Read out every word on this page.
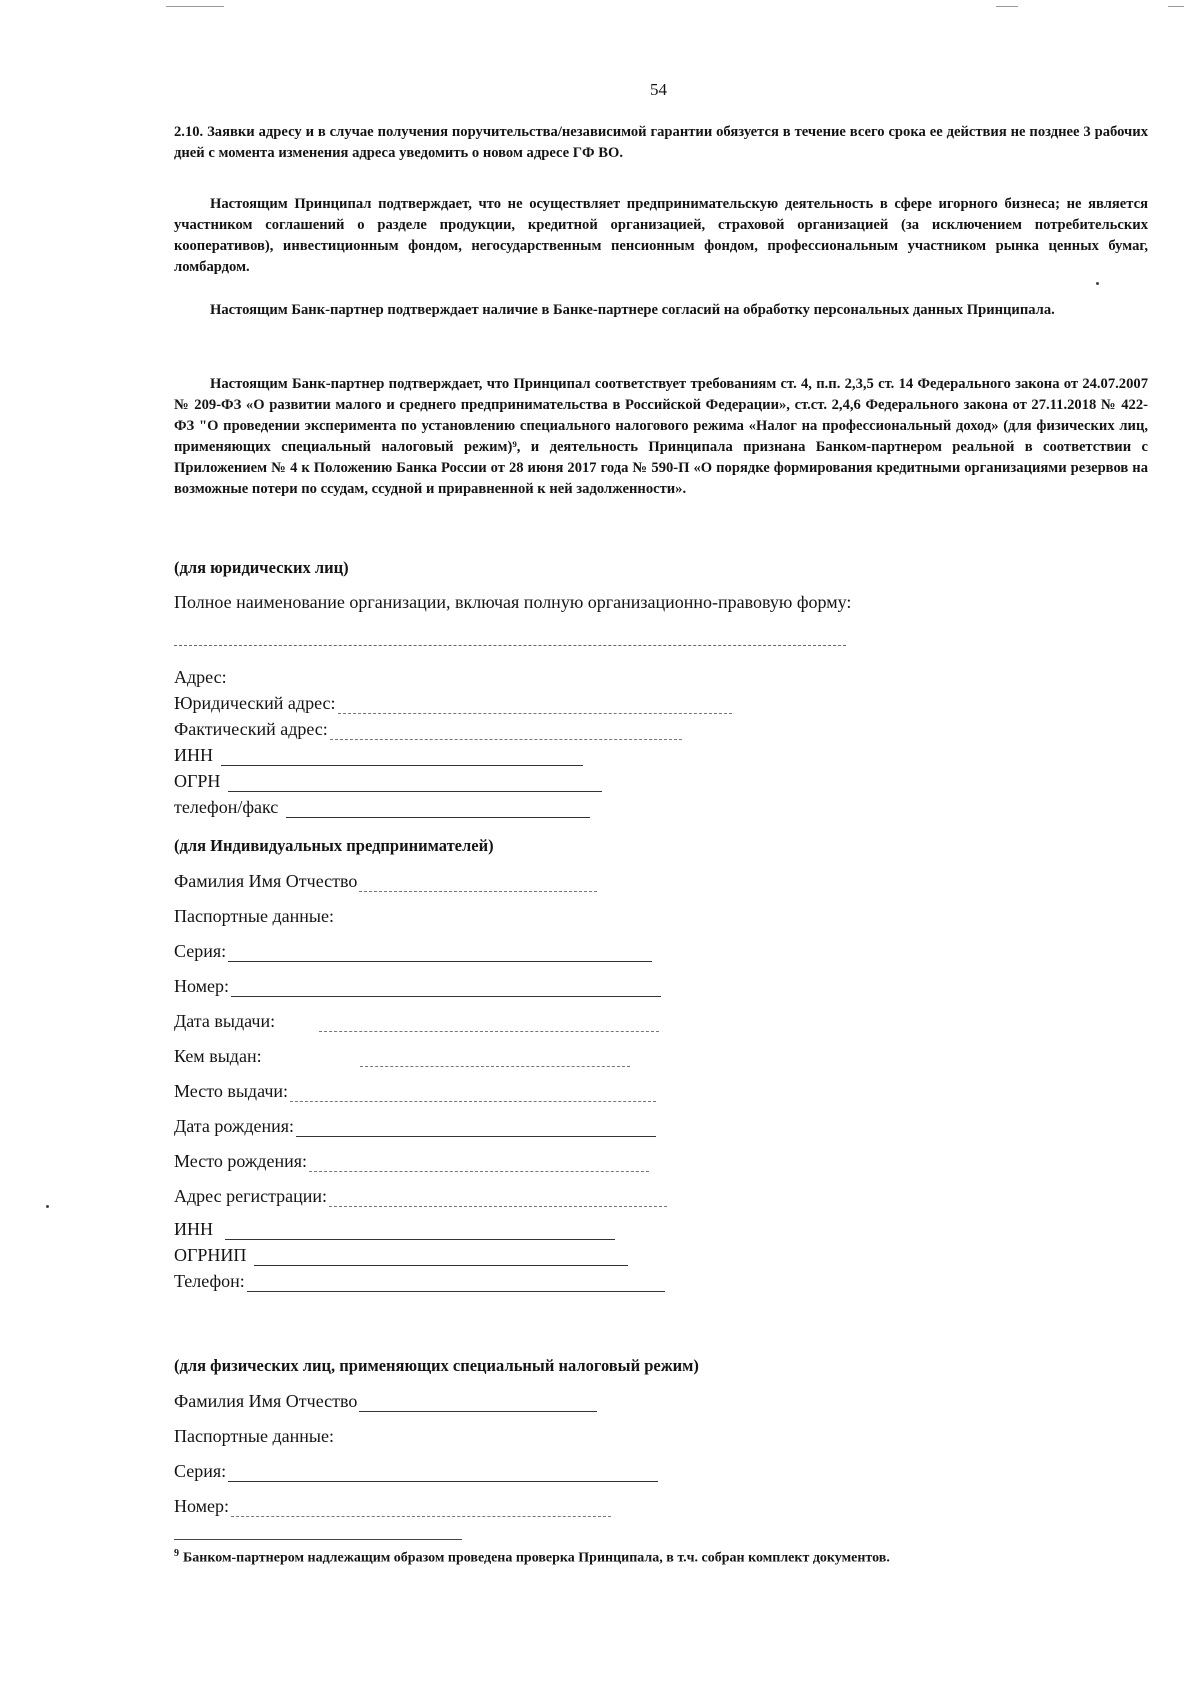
54
2.10. Заявки адресу и в случае получения поручительства/независимой гарантии обязуется в течение всего срока ее действия не позднее 3 рабочих дней с момента изменения адреса уведомить о новом адресе ГФ ВО.
Настоящим Принципал подтверждает, что не осуществляет предпринимательскую деятельность в сфере игорного бизнеса; не является участником соглашений о разделе продукции, кредитной организацией, страховой организацией (за исключением потребительских кооперативов), инвестиционным фондом, негосударственным пенсионным фондом, профессиональным участником рынка ценных бумаг, ломбардом.
Настоящим Банк-партнер подтверждает наличие в Банке-партнере согласий на обработку персональных данных Принципала.
Настоящим Банк-партнер подтверждает, что Принципал соответствует требованиям ст. 4, п.п. 2,3,5 ст. 14 Федерального закона от 24.07.2007 № 209-ФЗ «О развитии малого и среднего предпринимательства в Российской Федерации», ст.ст. 2,4,6 Федерального закона от 27.11.2018 № 422-ФЗ "О проведении эксперимента по установлению специального налогового режима «Налог на профессиональный доход» (для физических лиц, применяющих специальный налоговый режим)⁹, и деятельность Принципала признана Банком-партнером реальной в соответствии с Приложением № 4 к Положению Банка России от 28 июня 2017 года № 590-П «О порядке формирования кредитными организациями резервов на возможные потери по ссудам, ссудной и приравненной к ней задолженности».
(для юридических лиц)
Полное наименование организации, включая полную организационно-правовую форму:
Адрес:
Юридический адрес:
Фактический адрес:
ИНН
ОГРН
телефон/факс
(для Индивидуальных предпринимателей)
Фамилия Имя Отчество
Паспортные данные:
Серия:
Номер:
Дата выдачи:
Кем выдан:
Место выдачи:
Дата рождения:
Место рождения:
Адрес регистрации:
ИНН
ОГРНИП
Телефон:
(для физических лиц, применяющих специальный налоговый режим)
Фамилия Имя Отчество
Паспортные данные:
Серия:
Номер:
$^9$ Банком-партнером надлежащим образом проведена проверка Принципала, в т.ч. собран комплект документов.
